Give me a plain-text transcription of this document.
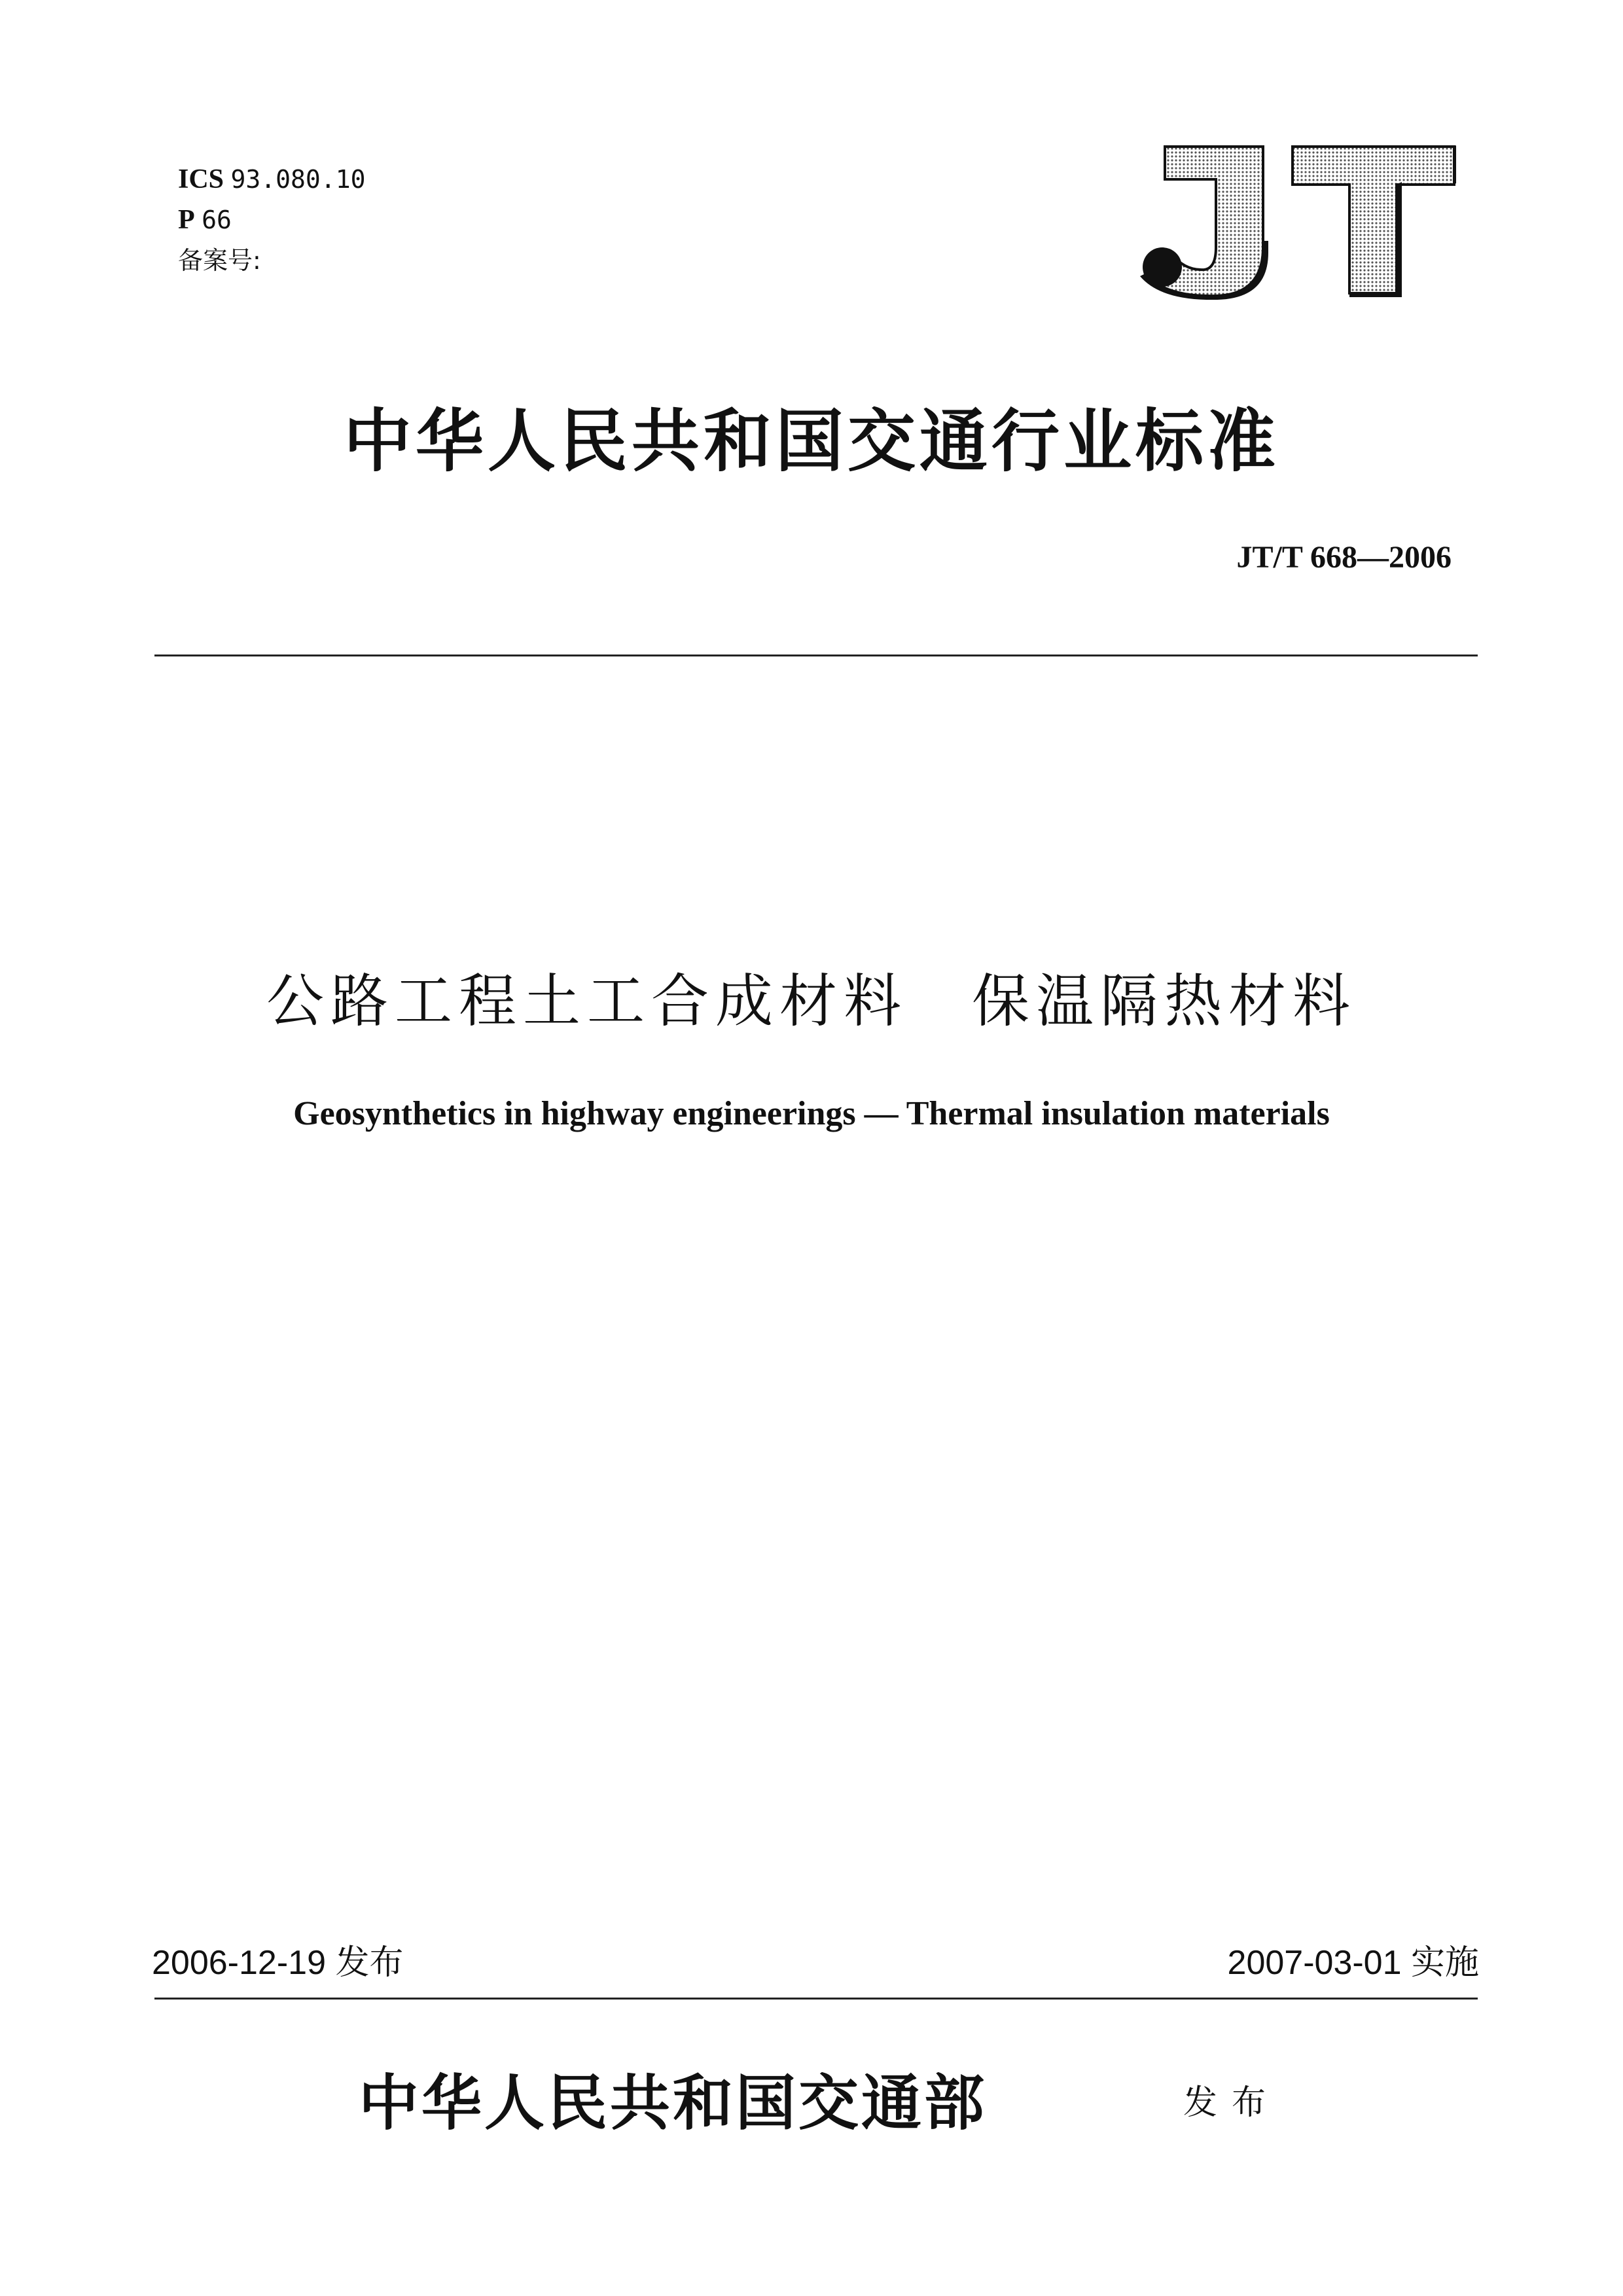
ICS 93.080.10
P 66
备案号:
中华人民共和国交通行业标准
JT/T 668—2006
公路工程土工合成材料　保温隔热材料
Geosynthetics in highway engineerings — Thermal insulation materials
2006-12-19 发布	2007-03-01 实施
中华人民共和国交通部	发布
